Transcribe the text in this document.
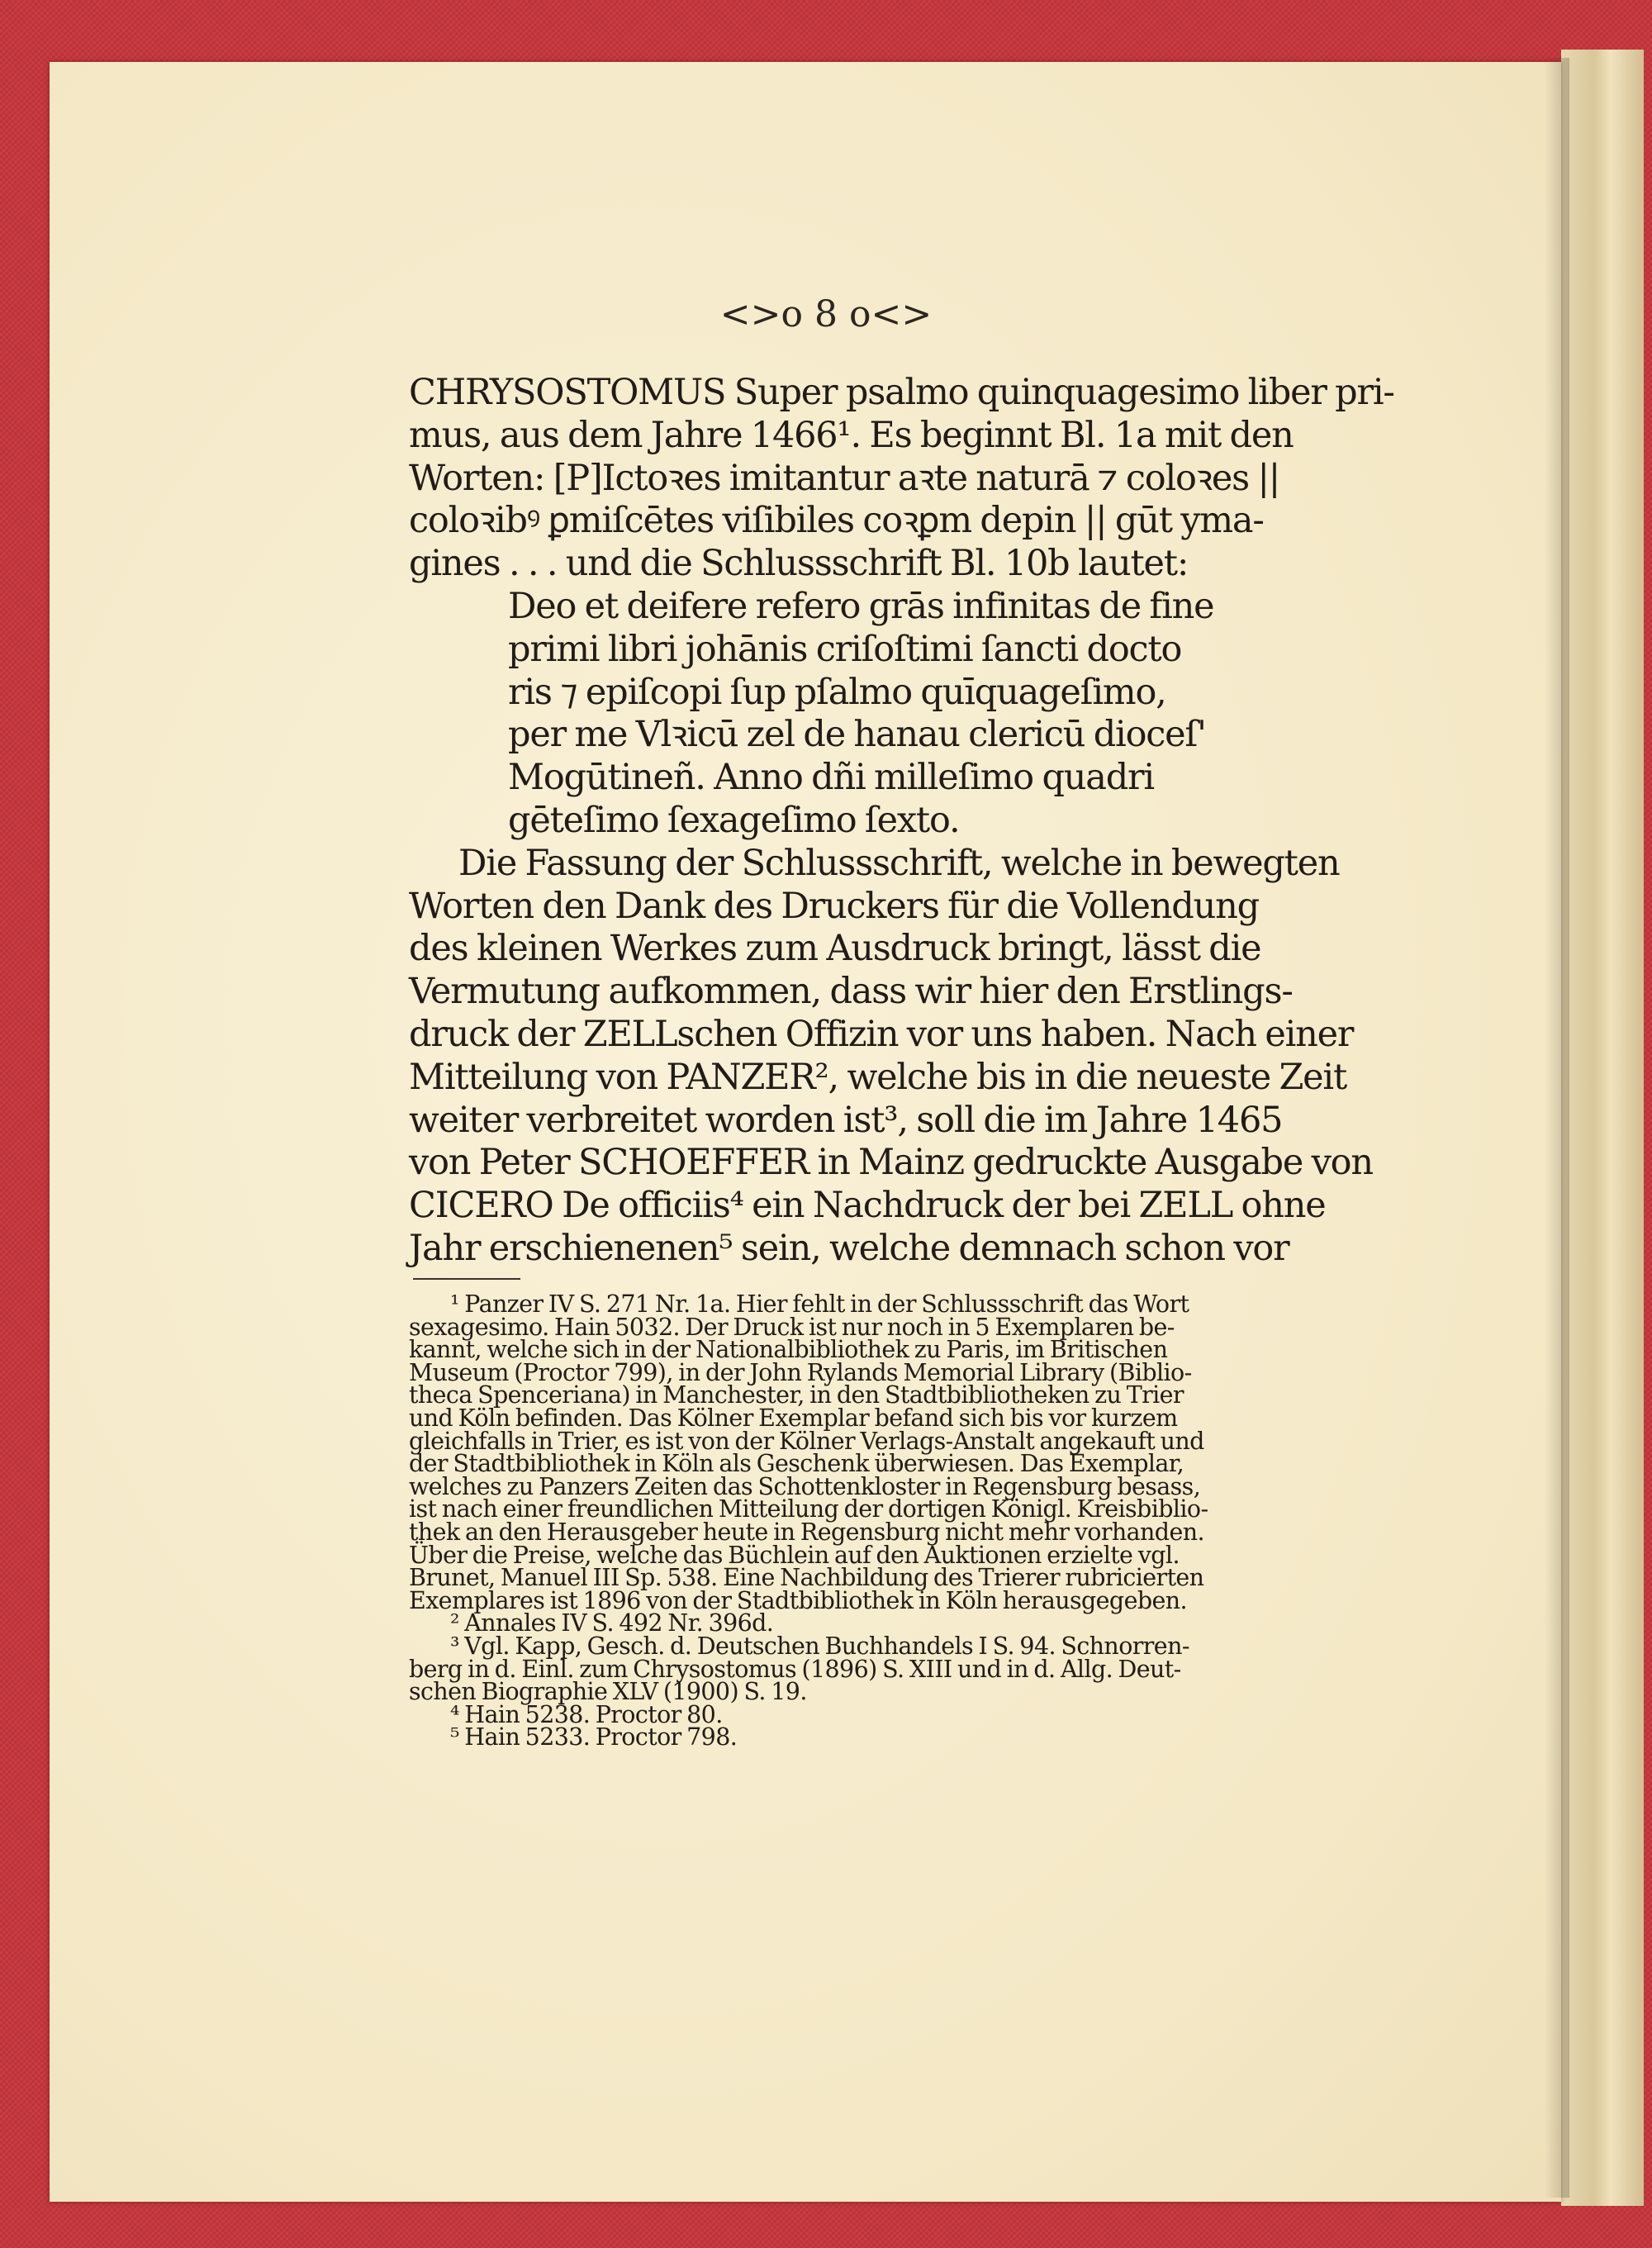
<>o 8 o<>
CHRYSOSTOMUS Super psalmo quinquagesimo liber pri-
mus, aus dem Jahre 1466¹. Es beginnt Bl. 1a mit den
Worten: [P]Ictoꝛes imitantur aꝛte naturā ⁊ coloꝛes ||
coloꝛibꝰ ꝑmiſcētes viſibiles coꝛꝑm depin || gūt yma-
gines . . . und die Schlussschrift Bl. 10b lautet:
Deo et deifere refero grās infinitas de fine
primi libri johānis criſoſtimi ſancti docto
ris ⁊ epiſcopi ſup pſalmo quīquageſimo,
per me Vlꝛicū zel de hanau clericū dioceſ'
Mogūtineñ. Anno dñi milleſimo quadri
gēteſimo ſexageſimo ſexto.
Die Fassung der Schlussschrift, welche in bewegten
Worten den Dank des Druckers für die Vollendung
des kleinen Werkes zum Ausdruck bringt, lässt die
Vermutung aufkommen, dass wir hier den Erstlings-
druck der ZELLschen Offizin vor uns haben. Nach einer
Mitteilung von PANZER², welche bis in die neueste Zeit
weiter verbreitet worden ist³, soll die im Jahre 1465
von Peter SCHOEFFER in Mainz gedruckte Ausgabe von
CICERO De officiis⁴ ein Nachdruck der bei ZELL ohne
Jahr erschienenen⁵ sein, welche demnach schon vor
¹ Panzer IV S. 271 Nr. 1a. Hier fehlt in der Schlussschrift das Wort
sexagesimo. Hain 5032. Der Druck ist nur noch in 5 Exemplaren be-
kannt, welche sich in der Nationalbibliothek zu Paris, im Britischen
Museum (Proctor 799), in der John Rylands Memorial Library (Biblio-
theca Spenceriana) in Manchester, in den Stadtbibliotheken zu Trier
und Köln befinden. Das Kölner Exemplar befand sich bis vor kurzem
gleichfalls in Trier, es ist von der Kölner Verlags-Anstalt angekauft und
der Stadtbibliothek in Köln als Geschenk überwiesen. Das Exemplar,
welches zu Panzers Zeiten das Schottenkloster in Regensburg besass,
ist nach einer freundlichen Mitteilung der dortigen Königl. Kreisbiblio-
thek an den Herausgeber heute in Regensburg nicht mehr vorhanden.
Über die Preise, welche das Büchlein auf den Auktionen erzielte vgl.
Brunet, Manuel III Sp. 538. Eine Nachbildung des Trierer rubricierten
Exemplares ist 1896 von der Stadtbibliothek in Köln herausgegeben.
² Annales IV S. 492 Nr. 396d.
³ Vgl. Kapp, Gesch. d. Deutschen Buchhandels I S. 94. Schnorren-
berg in d. Einl. zum Chrysostomus (1896) S. XIII und in d. Allg. Deut-
schen Biographie XLV (1900) S. 19.
⁴ Hain 5238. Proctor 80.
⁵ Hain 5233. Proctor 798.
